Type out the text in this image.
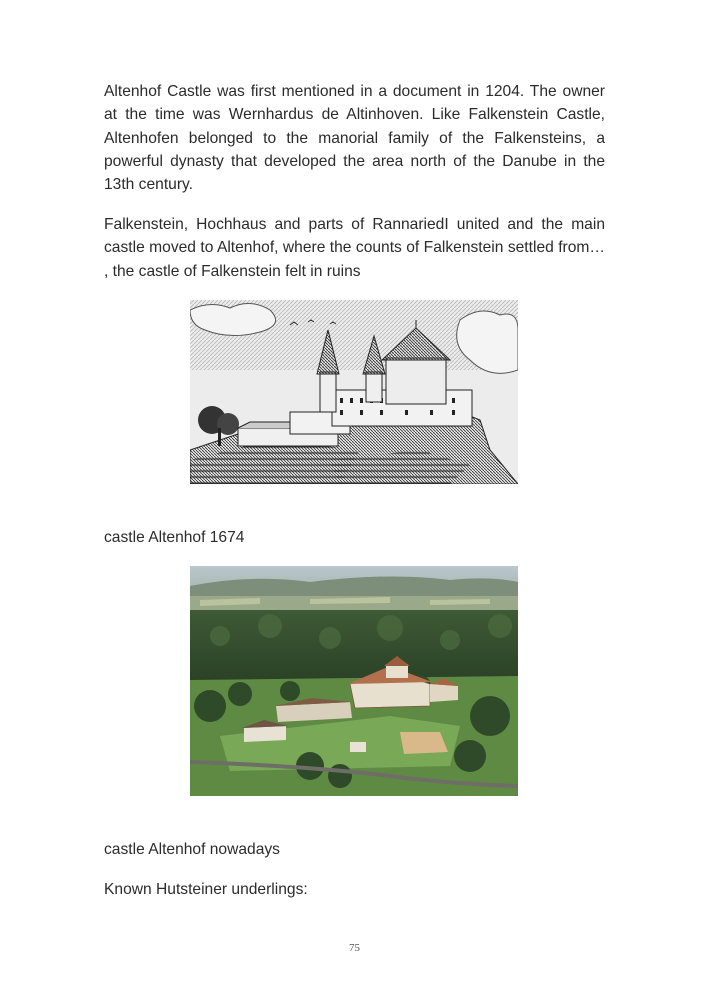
Altenhof Castle was first mentioned in a document in 1204. The owner at the time was Wernhardus de Altinhoven. Like Falkenstein Castle, Altenhofen belonged to the manorial family of the Falkensteins, a powerful dynasty that developed the area north of the Danube in the 13th century.

Falkenstein, Hochhaus and parts of RannariedI united and the main castle moved to Altenhof, where the counts of Falkenstein settled from… , the castle of Falkenstein felt in ruins

castle Altenhof 1674

castle Altenhof nowadays

Known Hutsteiner underlings:

75
